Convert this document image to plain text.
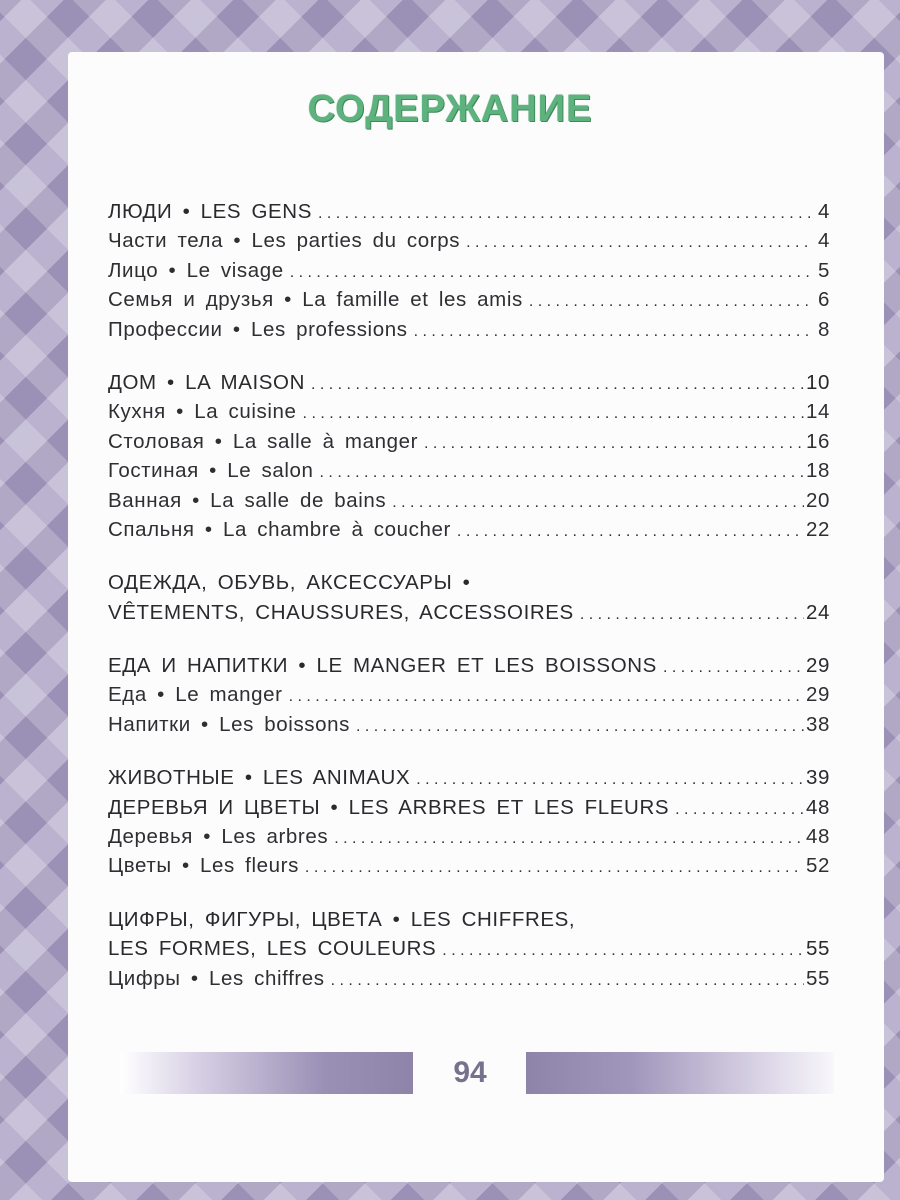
СОДЕРЖАНИЕ
ЛЮДИ • LES GENS . . .	4
Части тела • Les parties du corps . . .	4
Лицо • Le visage . . .	5
Семья и друзья • La famille et les amis . . .	6
Профессии • Les professions . . .	8
ДОМ • LA MAISON . . .	10
Кухня • La cuisine . . .	14
Столовая • La salle à manger . . .	16
Гостиная • Le salon . . .	18
Ванная • La salle de bains . . .	20
Спальня • La chambre à coucher . . .	22
ОДЕЖДА, ОБУВЬ, АКСЕССУАРЫ •
VÊTEMENTS, CHAUSSURES, ACCESSOIRES . . .	24
ЕДА И НАПИТКИ • LE MANGER ET LES BOISSONS . . .	29
Еда • Le manger . . .	29
Напитки • Les boissons . . .	38
ЖИВОТНЫЕ • LES ANIMAUX . . .	39
ДЕРЕВЬЯ И ЦВЕТЫ • LES ARBRES ET LES FLEURS . . .	48
Деревья • Les arbres . . .	48
Цветы • Les fleurs . . .	52
ЦИФРЫ, ФИГУРЫ, ЦВЕТА • LES CHIFFRES,
LES FORMES, LES COULEURS . . .	55
Цифры • Les chiffres . . .	55
94
